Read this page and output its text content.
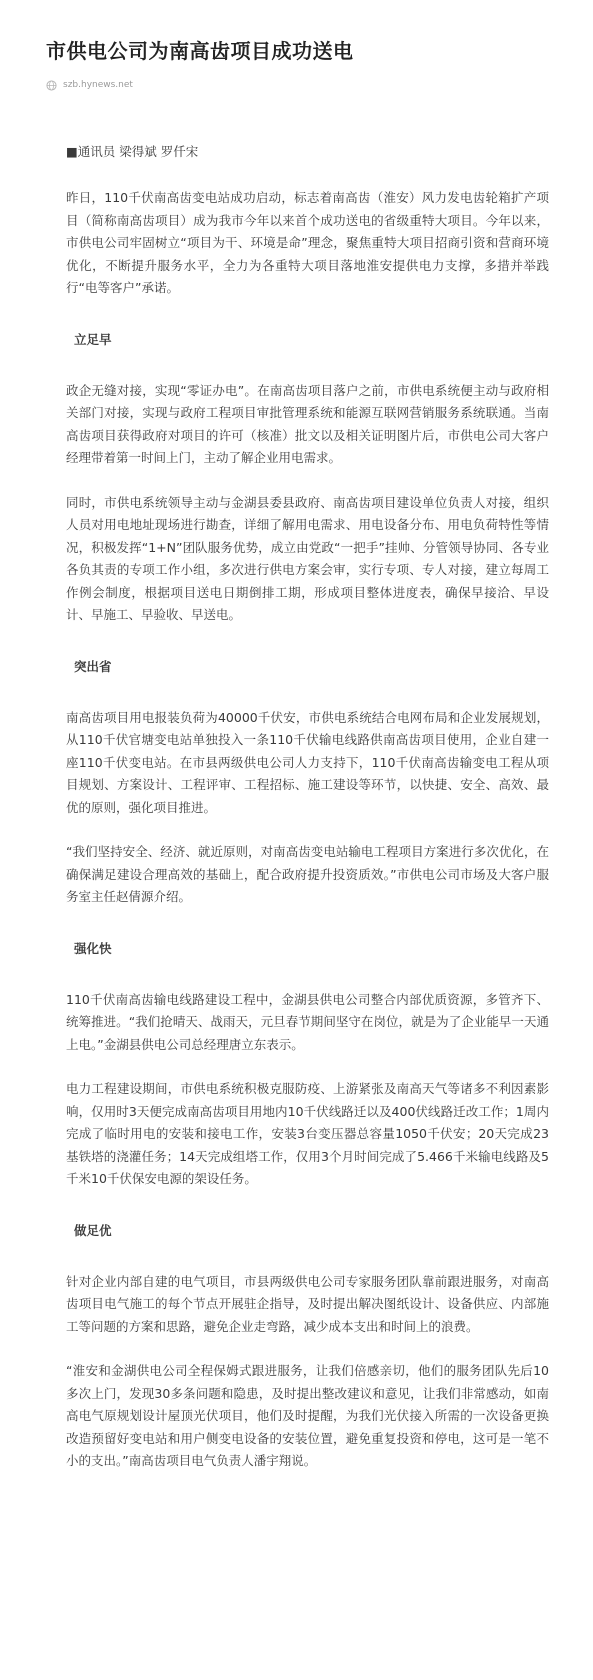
市供电公司为南高齿项目成功送电
szb.hynews.net

■通讯员 梁得斌 罗仟宋

昨日，110千伏南高齿变电站成功启动，标志着南高齿（淮安）风力发电齿轮箱扩产项目（简称南高齿项目）成为我市今年以来首个成功送电的省级重特大项目。今年以来，市供电公司牢固树立“项目为干、环境是命”理念，聚焦重特大项目招商引资和营商环境优化，不断提升服务水平，全力为各重特大项目落地淮安提供电力支撑，多措并举践行“电等客户”承诺。

立足早

政企无缝对接，实现“零证办电”。在南高齿项目落户之前，市供电系统便主动与政府相关部门对接，实现与政府工程项目审批管理系统和能源互联网营销服务系统联通。当南高齿项目获得政府对项目的许可（核准）批文以及相关证明图片后，市供电公司大客户经理带着第一时间上门，主动了解企业用电需求。

同时，市供电系统领导主动与金湖县委县政府、南高齿项目建设单位负责人对接，组织人员对用电地址现场进行勘查，详细了解用电需求、用电设备分布、用电负荷特性等情况，积极发挥“1+N”团队服务优势，成立由党政“一把手”挂帅、分管领导协同、各专业各负其责的专项工作小组，多次进行供电方案会审，实行专项、专人对接，建立每周工作例会制度，根据项目送电日期倒排工期，形成项目整体进度表，确保早接洽、早设计、早施工、早验收、早送电。

突出省

南高齿项目用电报装负荷为40000千伏安，市供电系统结合电网布局和企业发展规划，从110千伏官塘变电站单独投入一条110千伏输电线路供南高齿项目使用，企业自建一座110千伏变电站。在市县两级供电公司人力支持下，110千伏南高齿输变电工程从项目规划、方案设计、工程评审、工程招标、施工建设等环节，以快捷、安全、高效、最优的原则，强化项目推进。

“我们坚持安全、经济、就近原则，对南高齿变电站输电工程项目方案进行多次优化，在确保满足建设合理高效的基础上，配合政府提升投资质效。”市供电公司市场及大客户服务室主任赵倩源介绍。

强化快

110千伏南高齿输电线路建设工程中，金湖县供电公司整合内部优质资源，多管齐下、统筹推进。“我们抢晴天、战雨天，元旦春节期间坚守在岗位，就是为了企业能早一天通上电。”金湖县供电公司总经理唐立东表示。

电力工程建设期间，市供电系统积极克服防疫、上游紧张及南高天气等诸多不利因素影响，仅用时3天便完成南高齿项目用地内10千伏线路迁以及400伏线路迁改工作；1周内完成了临时用电的安装和接电工作，安装3台变压器总容量1050千伏安；20天完成23基铁塔的浇灌任务；14天完成组塔工作，仅用3个月时间完成了5.466千米输电线路及5千米10千伏保安电源的架设任务。

做足优

针对企业内部自建的电气项目，市县两级供电公司专家服务团队靠前跟进服务，对南高齿项目电气施工的每个节点开展驻企指导，及时提出解决图纸设计、设备供应、内部施工等问题的方案和思路，避免企业走弯路，减少成本支出和时间上的浪费。

“淮安和金湖供电公司全程保姆式跟进服务，让我们倍感亲切，他们的服务团队先后10多次上门，发现30多条问题和隐患，及时提出整改建议和意见，让我们非常感动，如南高电气原规划设计屋顶光伏项目，他们及时提醒，为我们光伏接入所需的一次设备更换改造预留好变电站和用户侧变电设备的安装位置，避免重复投资和停电，这可是一笔不小的支出。”南高齿项目电气负责人潘宇翔说。
